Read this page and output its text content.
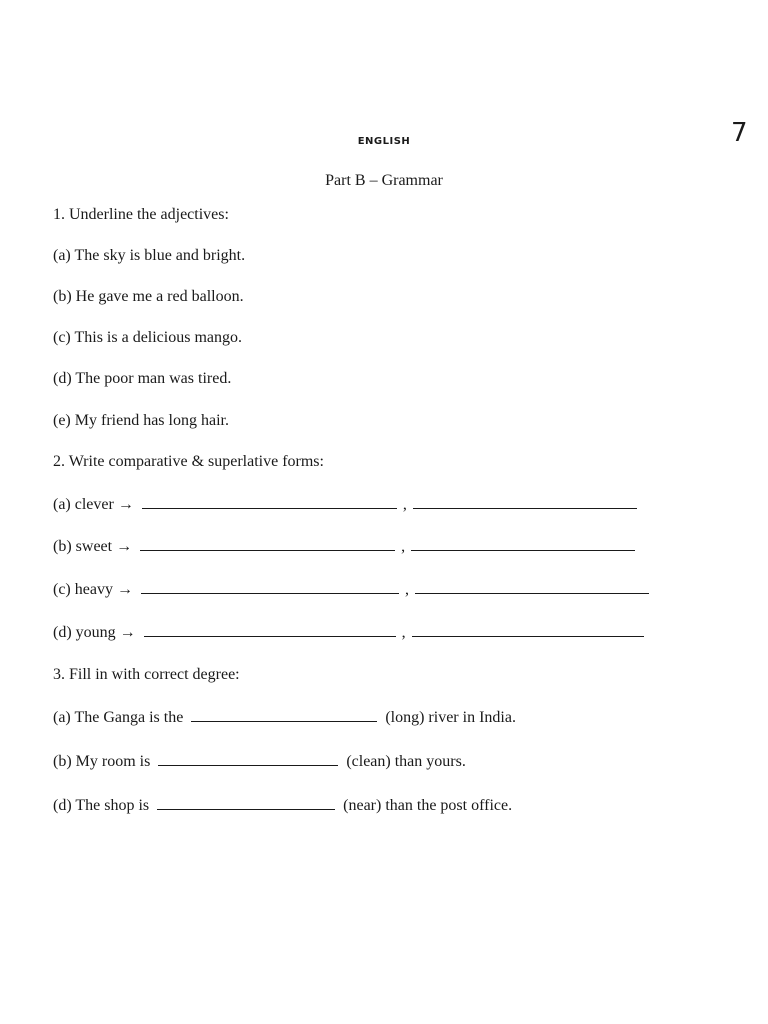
ENGLISH	7
Part B – Grammar
1. Underline the adjectives:
(a) The sky is blue and bright.
(b) He gave me a red balloon.
(c) This is a delicious mango.
(d) The poor man was tired.
(e) My friend has long hair.
2. Write comparative & superlative forms:
(a) clever →	,
(b) sweet →	,
(c) heavy →	,
(d) young →	,
3. Fill in with correct degree:
(a) The Ganga is the	(long) river in India.
(b) My room is	(clean) than yours.
(d) The shop is	(near) than the post office.
